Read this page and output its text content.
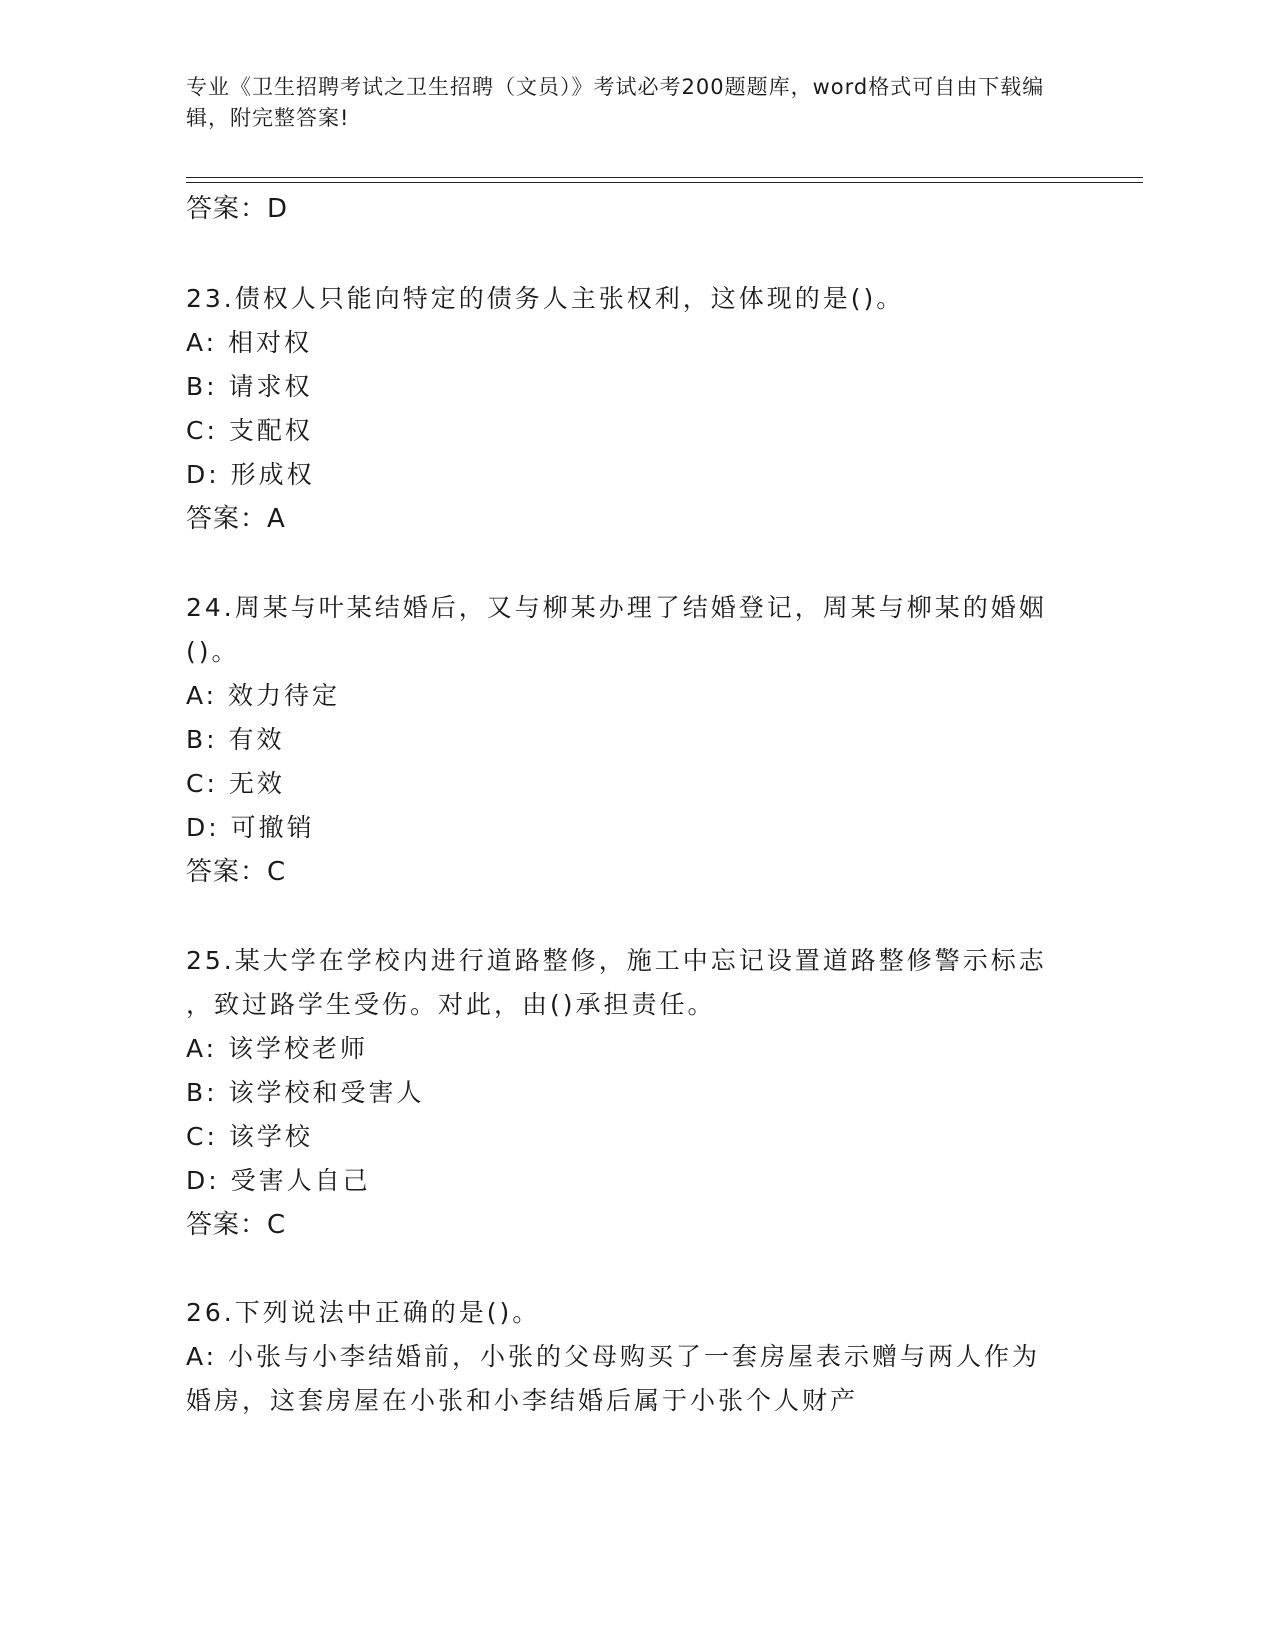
专业《卫生招聘考试之卫生招聘（文员）》考试必考200题题库，word格式可自由下载编辑，附完整答案!
答案：D
23.债权人只能向特定的债务人主张权利，这体现的是()。
A: 相对权
B: 请求权
C: 支配权
D: 形成权
答案：A
24.周某与叶某结婚后，又与柳某办理了结婚登记，周某与柳某的婚姻
()。
A: 效力待定
B: 有效
C: 无效
D: 可撤销
答案：C
25.某大学在学校内进行道路整修，施工中忘记设置道路整修警示标志
，致过路学生受伤。对此，由()承担责任。
A: 该学校老师
B: 该学校和受害人
C: 该学校
D: 受害人自己
答案：C
26.下列说法中正确的是()。
A: 小张与小李结婚前，小张的父母购买了一套房屋表示赠与两人作为
婚房，这套房屋在小张和小李结婚后属于小张个人财产
